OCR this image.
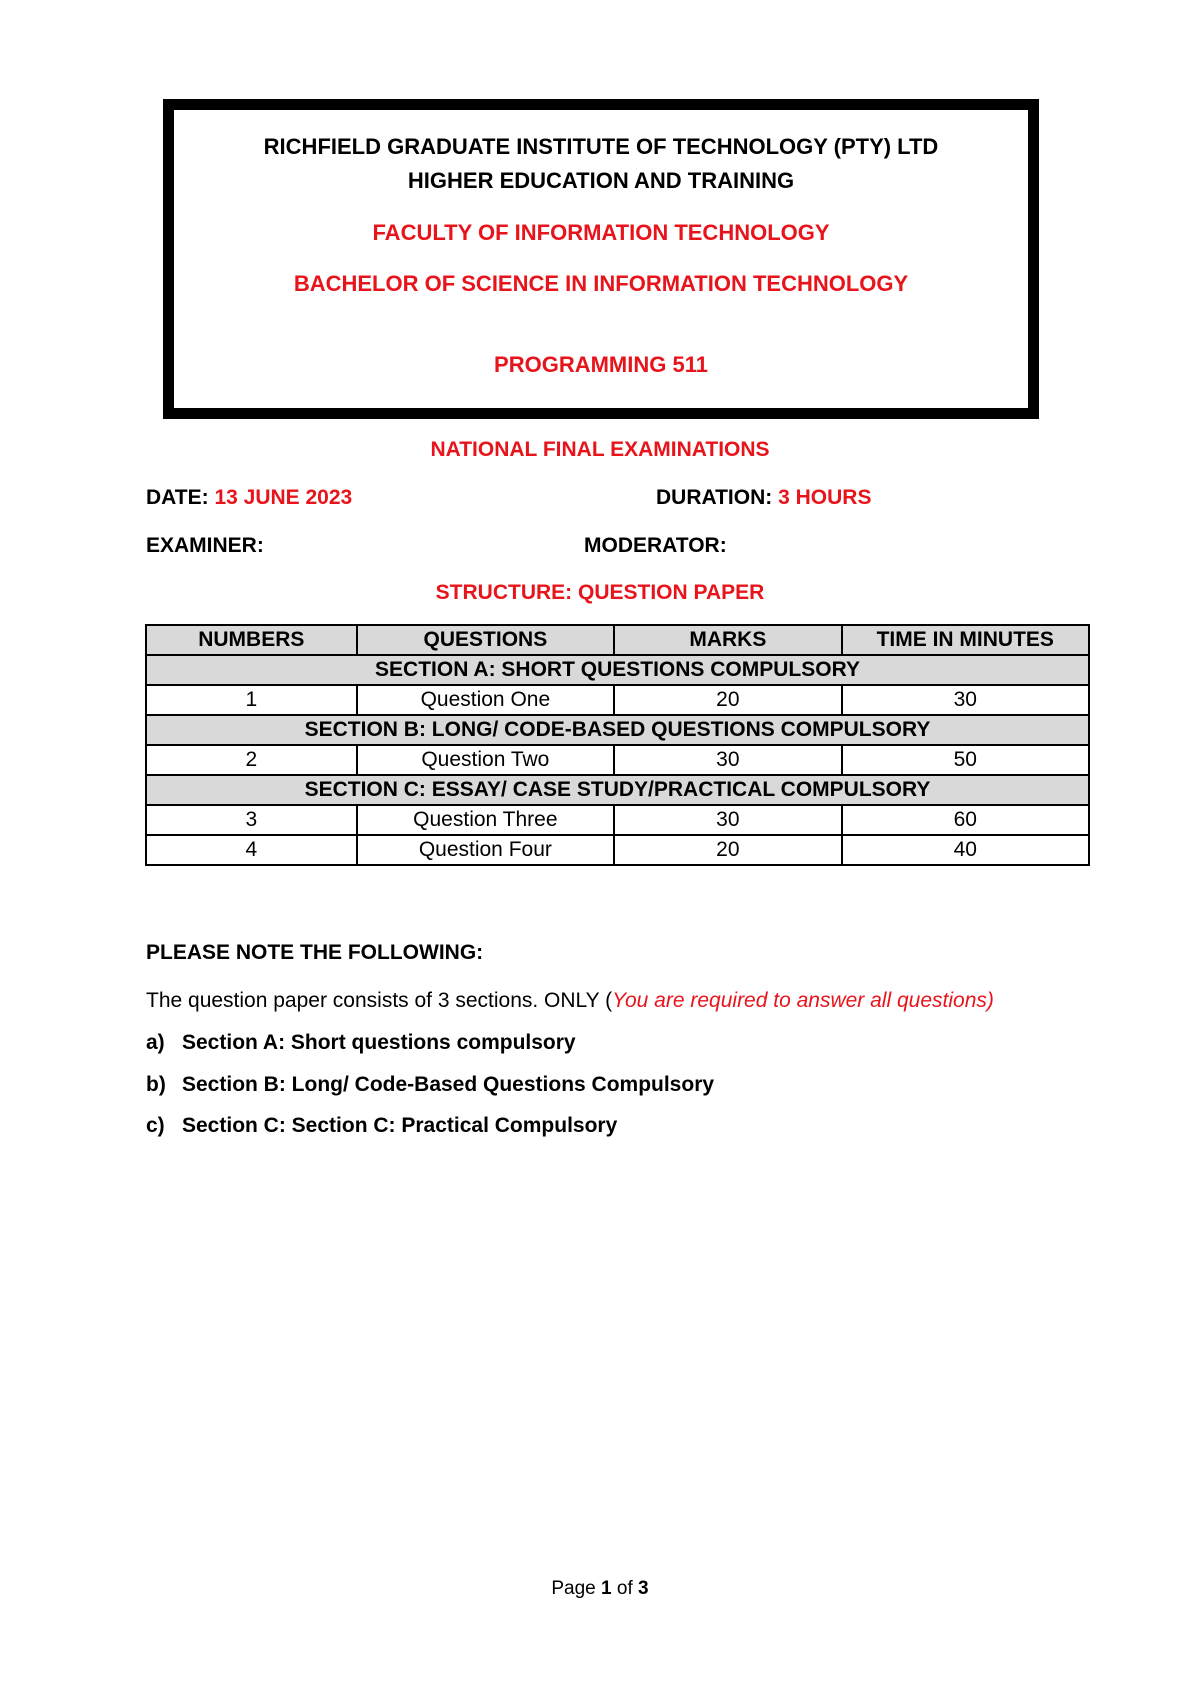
RICHFIELD GRADUATE INSTITUTE OF TECHNOLOGY (PTY) LTD
HIGHER EDUCATION AND TRAINING
FACULTY OF INFORMATION TECHNOLOGY
BACHELOR OF SCIENCE IN INFORMATION TECHNOLOGY
PROGRAMMING 511
NATIONAL FINAL EXAMINATIONS
DATE: 13 JUNE 2023	DURATION: 3 HOURS
EXAMINER:	MODERATOR:
STRUCTURE: QUESTION PAPER
NUMBERS	QUESTIONS	MARKS	TIME IN MINUTES
SECTION A: SHORT QUESTIONS COMPULSORY			
1	Question One	20	30
SECTION B: LONG/ CODE-BASED QUESTIONS COMPULSORY			
2	Question Two	30	50
SECTION C: ESSAY/ CASE STUDY/PRACTICAL COMPULSORY			
3	Question Three	30	60
4	Question Four	20	40
PLEASE NOTE THE FOLLOWING:
The question paper consists of 3 sections. ONLY (You are required to answer all questions)
a) Section A: Short questions compulsory
b) Section B: Long/ Code-Based Questions Compulsory
c) Section C: Section C: Practical Compulsory
Page 1 of 3
